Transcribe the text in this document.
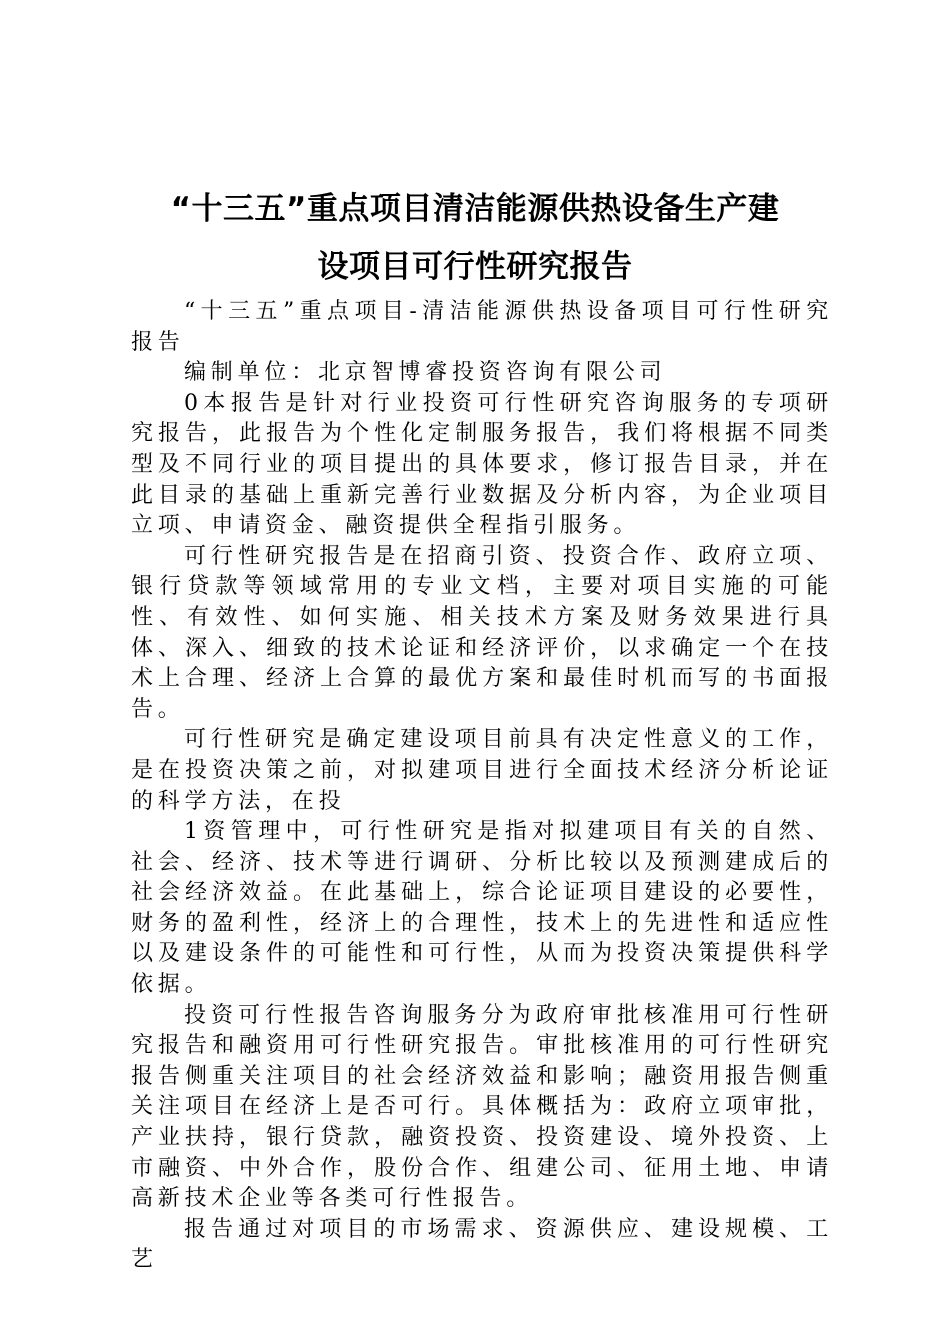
“十三五”重点项目清洁能源供热设备生产建
设项目可行性研究报告

“十三五”重点项目-清洁能源供热设备项目可行性研究报告

编制单位：北京智博睿投资咨询有限公司

0本报告是针对行业投资可行性研究咨询服务的专项研究报告，此报告为个性化定制服务报告，我们将根据不同类型及不同行业的项目提出的具体要求，修订报告目录，并在此目录的基础上重新完善行业数据及分析内容，为企业项目立项、申请资金、融资提供全程指引服务。

可行性研究报告是在招商引资、投资合作、政府立项、银行贷款等领域常用的专业文档，主要对项目实施的可能性、有效性、如何实施、相关技术方案及财务效果进行具体、深入、细致的技术论证和经济评价，以求确定一个在技术上合理、经济上合算的最优方案和最佳时机而写的书面报告。

可行性研究是确定建设项目前具有决定性意义的工作，是在投资决策之前，对拟建项目进行全面技术经济分析论证的科学方法，在投

1资管理中，可行性研究是指对拟建项目有关的自然、社会、经济、技术等进行调研、分析比较以及预测建成后的社会经济效益。在此基础上，综合论证项目建设的必要性，财务的盈利性，经济上的合理性，技术上的先进性和适应性以及建设条件的可能性和可行性，从而为投资决策提供科学依据。

投资可行性报告咨询服务分为政府审批核准用可行性研究报告和融资用可行性研究报告。审批核准用的可行性研究报告侧重关注项目的社会经济效益和影响；融资用报告侧重关注项目在经济上是否可行。具体概括为：政府立项审批，产业扶持，银行贷款，融资投资、投资建设、境外投资、上市融资、中外合作，股份合作、组建公司、征用土地、申请高新技术企业等各类可行性报告。

报告通过对项目的市场需求、资源供应、建设规模、工艺
